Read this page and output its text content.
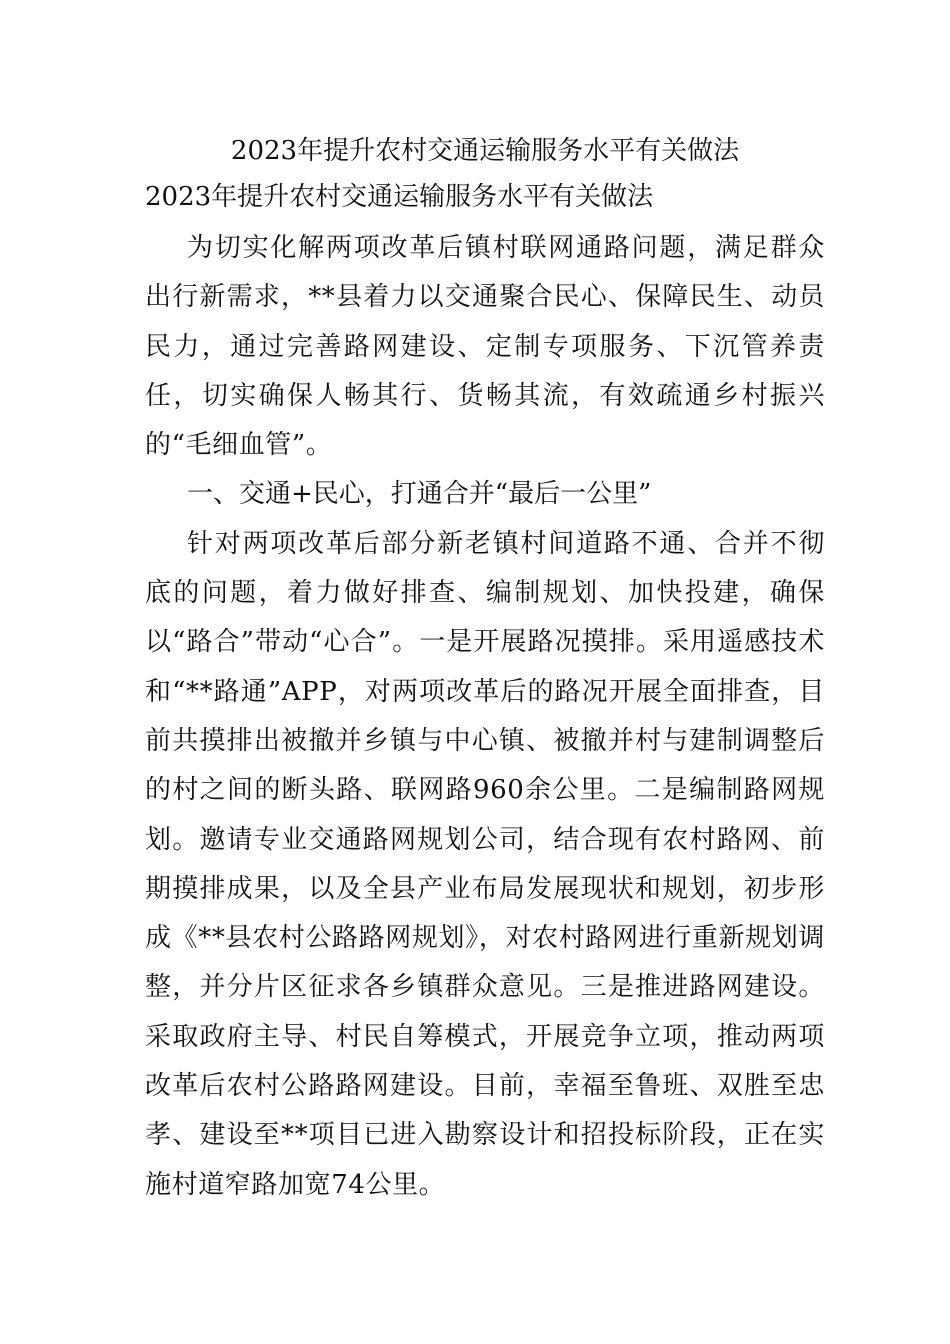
2023年提升农村交通运输服务水平有关做法
2023年提升农村交通运输服务水平有关做法

为切实化解两项改革后镇村联网通路问题，满足群众出行新需求，**县着力以交通聚合民心、保障民生、动员民力，通过完善路网建设、定制专项服务、下沉管养责任，切实确保人畅其行、货畅其流，有效疏通乡村振兴的“毛细血管”。

一、交通+民心，打通合并“最后一公里”

针对两项改革后部分新老镇村间道路不通、合并不彻底的问题，着力做好排查、编制规划、加快投建，确保以“路合”带动“心合”。一是开展路况摸排。采用遥感技术和“**路通”APP，对两项改革后的路况开展全面排查，目前共摸排出被撤并乡镇与中心镇、被撤并村与建制调整后的村之间的断头路、联网路960余公里。二是编制路网规划。邀请专业交通路网规划公司，结合现有农村路网、前期摸排成果，以及全县产业布局发展现状和规划，初步形成《**县农村公路路网规划》，对农村路网进行重新规划调整，并分片区征求各乡镇群众意见。三是推进路网建设。采取政府主导、村民自筹模式，开展竞争立项，推动两项改革后农村公路路网建设。目前，幸福至鲁班、双胜至忠孝、建设至**项目已进入勘察设计和招投标阶段，正在实施村道窄路加宽74公里。
